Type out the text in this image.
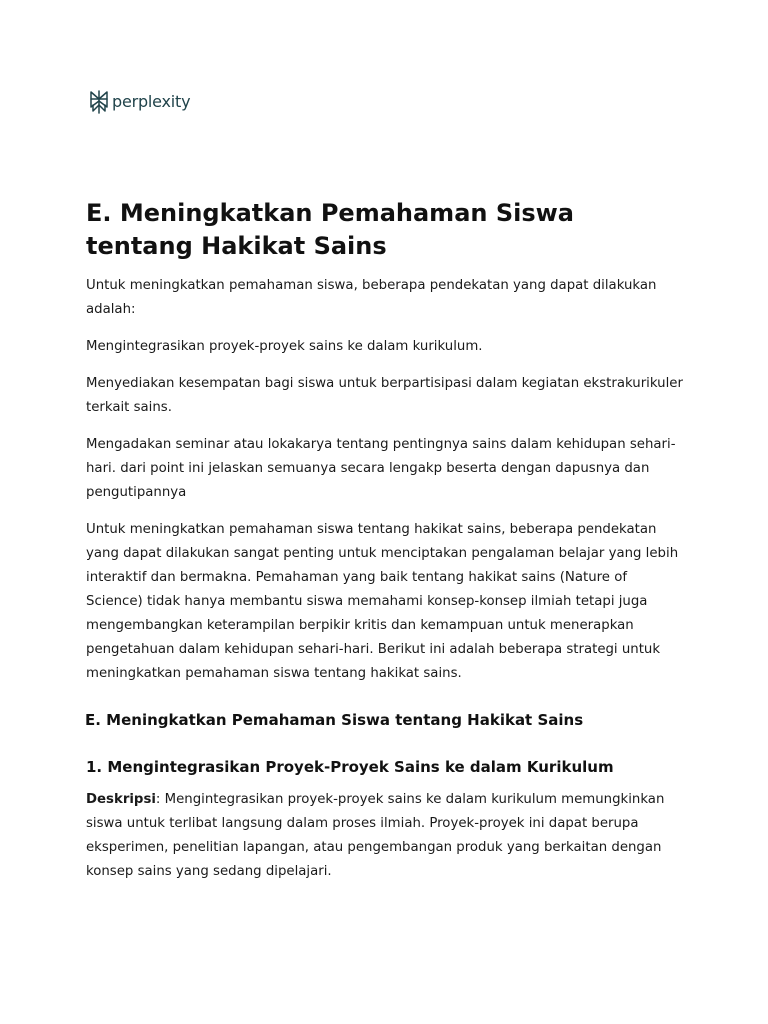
perplexity
E. Meningkatkan Pemahaman Siswa tentang Hakikat Sains

Untuk meningkatkan pemahaman siswa, beberapa pendekatan yang dapat dilakukan adalah:

Mengintegrasikan proyek-proyek sains ke dalam kurikulum.

Menyediakan kesempatan bagi siswa untuk berpartisipasi dalam kegiatan ekstrakurikuler terkait sains.

Mengadakan seminar atau lokakarya tentang pentingnya sains dalam kehidupan sehari-hari. dari point ini jelaskan semuanya secara lengakp beserta dengan dapusnya dan pengutipannya

Untuk meningkatkan pemahaman siswa tentang hakikat sains, beberapa pendekatan yang dapat dilakukan sangat penting untuk menciptakan pengalaman belajar yang lebih interaktif dan bermakna. Pemahaman yang baik tentang hakikat sains (Nature of Science) tidak hanya membantu siswa memahami konsep-konsep ilmiah tetapi juga mengembangkan keterampilan berpikir kritis dan kemampuan untuk menerapkan pengetahuan dalam kehidupan sehari-hari. Berikut ini adalah beberapa strategi untuk meningkatkan pemahaman siswa tentang hakikat sains.

E. Meningkatkan Pemahaman Siswa tentang Hakikat Sains
1. Mengintegrasikan Proyek-Proyek Sains ke dalam Kurikulum

Deskripsi: Mengintegrasikan proyek-proyek sains ke dalam kurikulum memungkinkan siswa untuk terlibat langsung dalam proses ilmiah. Proyek-proyek ini dapat berupa eksperimen, penelitian lapangan, atau pengembangan produk yang berkaitan dengan konsep sains yang sedang dipelajari.
